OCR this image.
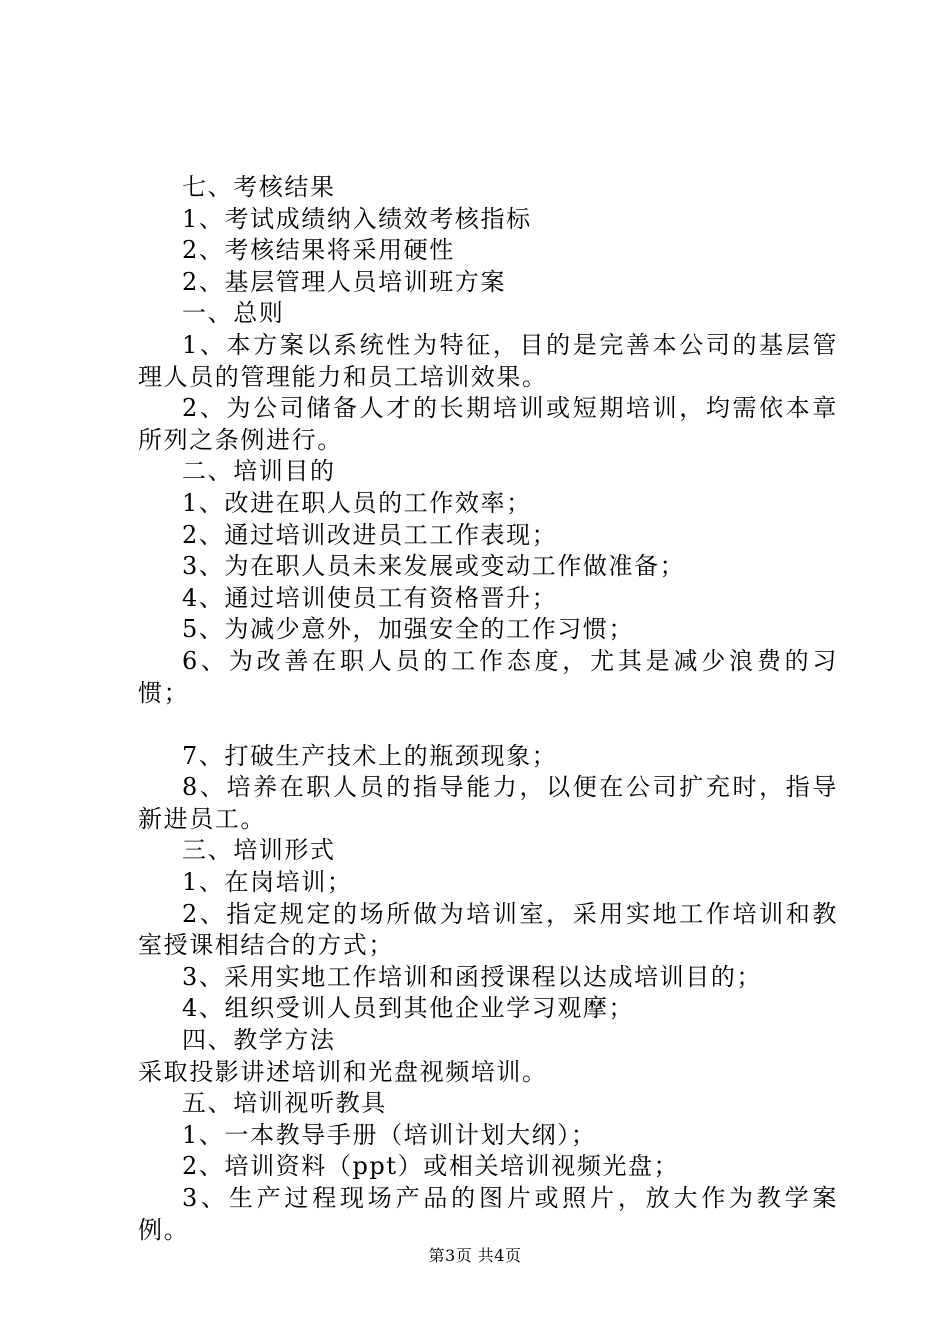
七、考核结果

1、考试成绩纳入绩效考核指标

2、考核结果将采用硬性

2、基层管理人员培训班方案

一、总则

1、本方案以系统性为特征，目的是完善本公司的基层管理人员的管理能力和员工培训效果。

2、为公司储备人才的长期培训或短期培训，均需依本章所列之条例进行。

二、培训目的

1、改进在职人员的工作效率；

2、通过培训改进员工工作表现；

3、为在职人员未来发展或变动工作做准备；

4、通过培训使员工有资格晋升；

5、为减少意外，加强安全的工作习惯；

6、为改善在职人员的工作态度，尤其是减少浪费的习惯；

7、打破生产技术上的瓶颈现象；

8、培养在职人员的指导能力，以便在公司扩充时，指导新进员工。

三、培训形式

1、在岗培训；

2、指定规定的场所做为培训室，采用实地工作培训和教室授课相结合的方式；

3、采用实地工作培训和函授课程以达成培训目的；

4、组织受训人员到其他企业学习观摩；

四、教学方法

采取投影讲述培训和光盘视频培训。

五、培训视听教具

1、一本教导手册（培训计划大纲）；

2、培训资料（ppt）或相关培训视频光盘；

3、生产过程现场产品的图片或照片，放大作为教学案例。

第3页 共4页
